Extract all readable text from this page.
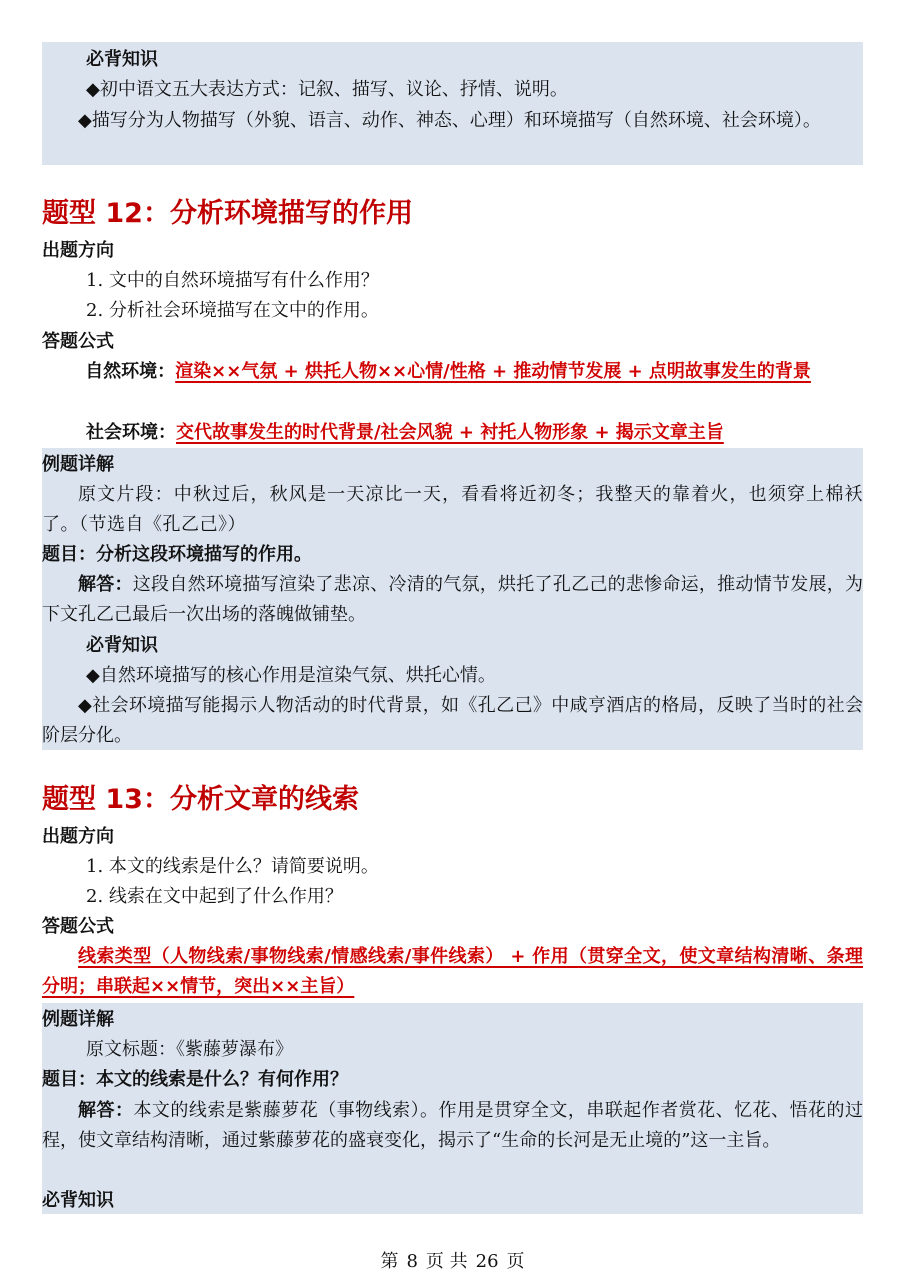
必背知识
◆初中语文五大表达方式：记叙、描写、议论、抒情、说明。
◆描写分为人物描写（外貌、语言、动作、神态、心理）和环境描写（自然环境、社会环境）。
题型 12：分析环境描写的作用
出题方向
1. 文中的自然环境描写有什么作用？
2. 分析社会环境描写在文中的作用。
答题公式
自然环境：渲染××气氛 + 烘托人物××心情/性格 + 推动情节发展 + 点明故事发生的背景
社会环境：交代故事发生的时代背景/社会风貌 + 衬托人物形象 + 揭示文章主旨
例题详解
原文片段：中秋过后，秋风是一天凉比一天，看看将近初冬；我整天的靠着火，也须穿上棉袄了。（节选自《孔乙己》）
题目：分析这段环境描写的作用。
解答：这段自然环境描写渲染了悲凉、冷清的气氛，烘托了孔乙己的悲惨命运，推动情节发展，为下文孔乙己最后一次出场的落魄做铺垫。
必背知识
◆自然环境描写的核心作用是渲染气氛、烘托心情。
◆社会环境描写能揭示人物活动的时代背景，如《孔乙己》中咸亨酒店的格局，反映了当时的社会阶层分化。
题型 13：分析文章的线索
出题方向
1. 本文的线索是什么？请简要说明。
2. 线索在文中起到了什么作用？
答题公式
线索类型（人物线索/事物线索/情感线索/事件线索） + 作用（贯穿全文，使文章结构清晰、条理分明；串联起××情节，突出××主旨）
例题详解
原文标题：《紫藤萝瀑布》
题目：本文的线索是什么？有何作用？
解答：本文的线索是紫藤萝花（事物线索）。作用是贯穿全文，串联起作者赏花、忆花、悟花的过程，使文章结构清晰，通过紫藤萝花的盛衰变化，揭示了“生命的长河是无止境的”这一主旨。
必背知识
第 8 页 共 26 页
